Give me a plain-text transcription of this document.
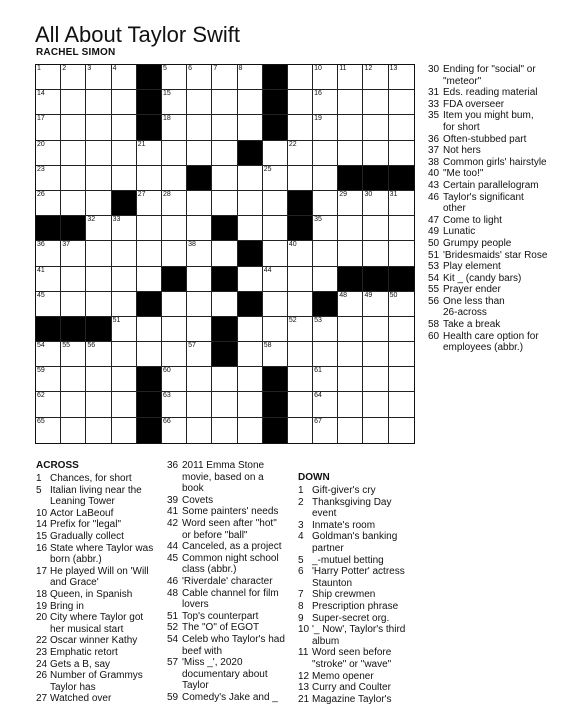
All About Taylor Swift
RACHEL SIMON
1	2	3	4	5	6	7	8	10 11	12 13
14	15	16
17	18	19
20	21	22
23	25
26	27 28	29 30 31
32 33	35
36 37	38	40
41	44
45	48 49 50
51	52 53
54 55 56	57	58
59	60	61
62	63	64
65	66	67
30 Ending for "social" or
"meteor"
31 Eds. reading material
33 FDA overseer
35 Item you might bum,
for short
36 Often-stubbed part
37 Not hers
38 Common girls' hairstyle
40 "Me too!"
43 Certain parallelogram
46 Taylor's significant
other
47 Come to light
49 Lunatic
50 Grumpy people
51 'Bridesmaids' star Rose
53 Play element
54 Kit _ (candy bars)
55 Prayer ender
56 One less than
26-across
58 Take a break
60 Health care option for
employees (abbr.)
ACROSS
1 Chances, for short
5 Italian living near the
Leaning Tower
10 Actor LaBeouf
14 Prefix for "legal"
15 Gradually collect
16 State where Taylor was
born (abbr.)
17 He played Will on 'Will
and Grace'
18 Queen, in Spanish
19 Bring in
20 City where Taylor got
her musical start
22 Oscar winner Kathy
23 Emphatic retort
24 Gets a B, say
26 Number of Grammys
Taylor has
27 Watched over
36 2011 Emma Stone
movie, based on a
book
39 Covets
41 Some painters' needs
42 Word seen after "hot"
or before "ball"
44 Canceled, as a project
45 Common night school
class (abbr.)
46 'Riverdale' character
48 Cable channel for film
lovers
51 Top's counterpart
52 The "O" of EGOT
54 Celeb who Taylor's had
beef with
57 'Miss _', 2020
documentary about
Taylor
59 Comedy's Jake and _
DOWN
1 Gift-giver's cry
2 Thanksgiving Day
event
3 Inmate's room
4 Goldman's banking
partner
5 _-mutuel betting
6 'Harry Potter' actress
Staunton
7 Ship crewmen
8 Prescription phrase
9 Super-secret org.
10 '_ Now', Taylor's third
album
11 Word seen before
"stroke" or "wave"
12 Memo opener
13 Curry and Coulter
21 Magazine Taylor's
